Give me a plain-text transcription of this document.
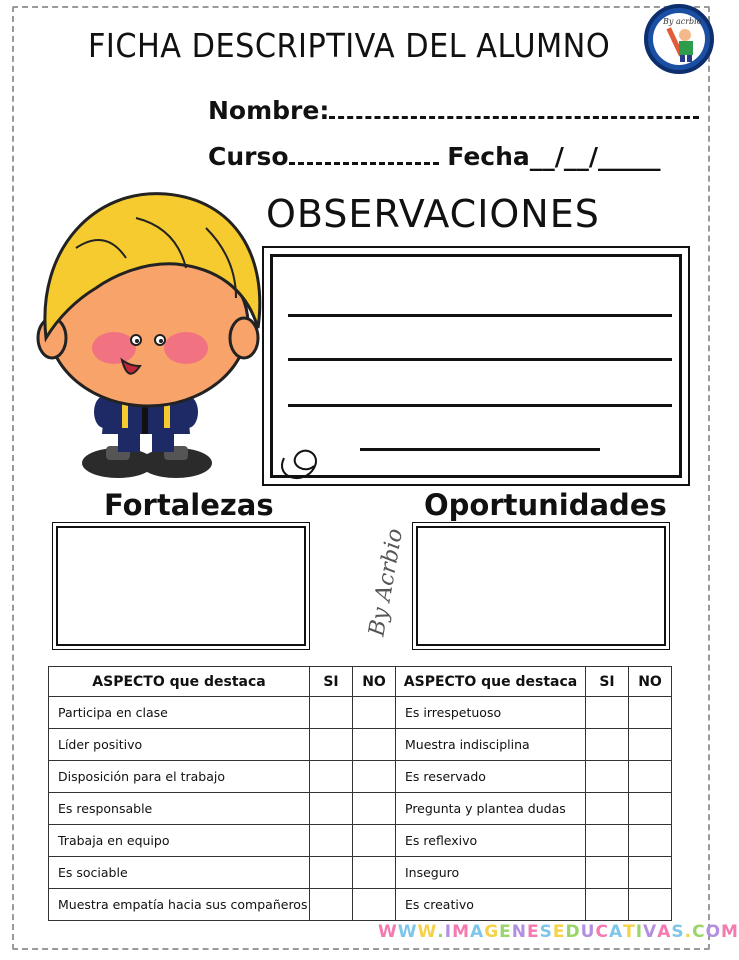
FICHA DESCRIPTIVA DEL ALUMNO
By acrbio
Nombre:
Curso	Fecha__/__/_____
OBSERVACIONES
Fortalezas	Oportunidades
By Acrbio
ASPECTO que destaca	SI	NO	ASPECTO que destaca	SI	NO
Participa en clase			Es irrespetuoso		
Líder positivo			Muestra indisciplina		
Disposición para el trabajo			Es reservado		
Es responsable			Pregunta y plantea dudas		
Trabaja en equipo			Es reflexivo		
Es sociable			Inseguro		
Muestra empatía hacia sus compañeros			Es creativo		
WWW.IMAGENESEDUCATIVAS.COM
